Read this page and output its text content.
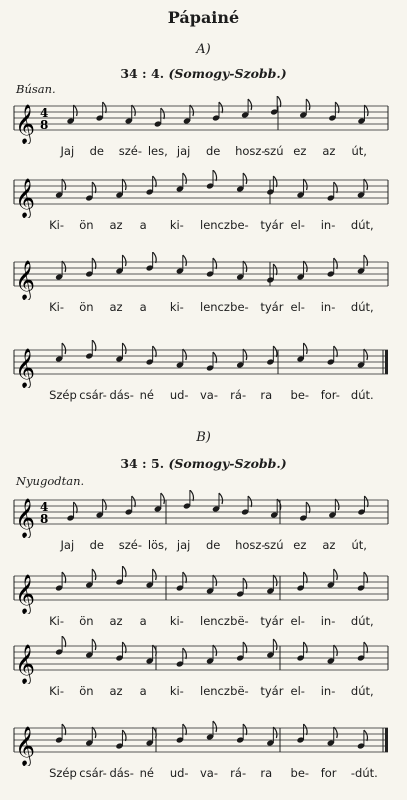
Pápainé
A)
34 : 4. (Somogy-Szobb.)
Búsan.
𝄞 4
8
Jaj de szé- les, jaj de hosz-
szú ez az út,
𝄞
Ki- ön az a ki- lencz be- tyár el- in- dút,
𝄞
Ki- ön az a ki- lencz be- tyár el- in- dút,
𝄞
Szép csár- dás- né ud- va- rá- ra be- for- dút.
B)
34 : 5. (Somogy-Szobb.)
Nyugodtan.
𝄞 4
8
Jaj de szé- lös, jaj de hosz-
szú ez az út,
𝄞
Ki- ön az a ki- lencz bë- tyár el- in- dút,
𝄞
Ki- ön az a ki- lencz bë- tyár el- in- dút,
𝄞
Szép csár- dás- né ud- va- rá- ra be- for -dút.
